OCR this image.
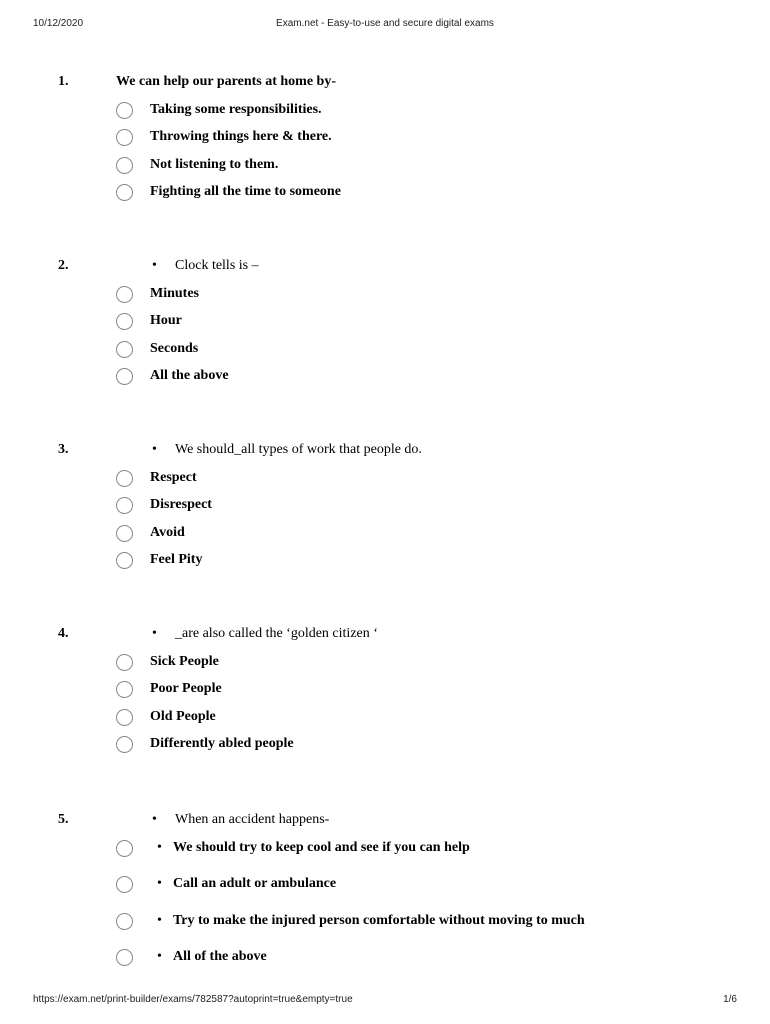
10/12/2020	Exam.net - Easy-to-use and secure digital exams
1.	We can help our parents at home by-
Taking some responsibilities.
Throwing things here & there.
Not listening to them.
Fighting all the time to someone
2.	Clock tells is –
Minutes
Hour
Seconds
All the above
3.	We should_all types of work that people do.
Respect
Disrespect
Avoid
Feel Pity
4.	_are also called the ‘golden citizen ‘
Sick People
Poor People
Old People
Differently abled people
5.	When an accident happens-
• We should try to keep cool and see if you can help
• Call an adult or ambulance
• Try to make the injured person comfortable without moving to much
• All of the above
https://exam.net/print-builder/exams/782587?autoprint=true&empty=true	1/6
